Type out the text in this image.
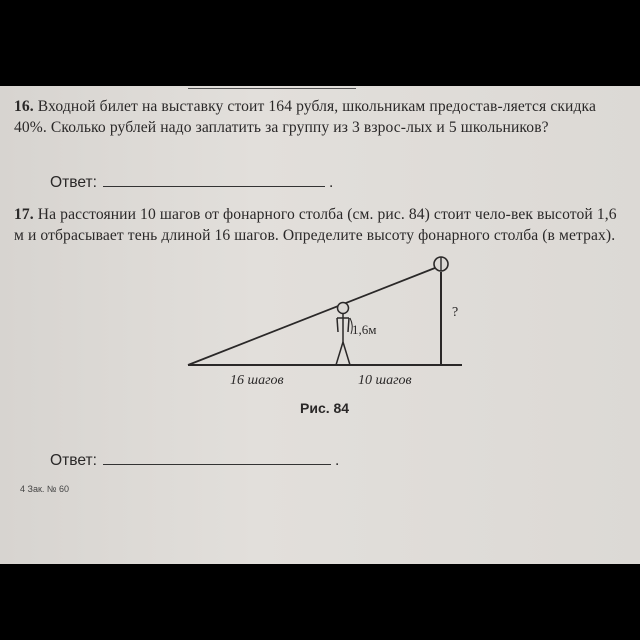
16. Входной билет на выставку стоит 164 рубля, школьникам предостав-ляется скидка 40%. Сколько рублей надо заплатить за группу из 3 взрос-лых и 5 школьников?
Ответ:	.
17. На расстоянии 10 шагов от фонарного столба (см. рис. 84) стоит чело-век высотой 1,6 м и отбрасывает тень длиной 16 шагов. Определите высоту фонарного столба (в метрах).
1,6м
?
16 шагов	10 шагов
Рис. 84
Ответ:	.
4 Зак. № 60
